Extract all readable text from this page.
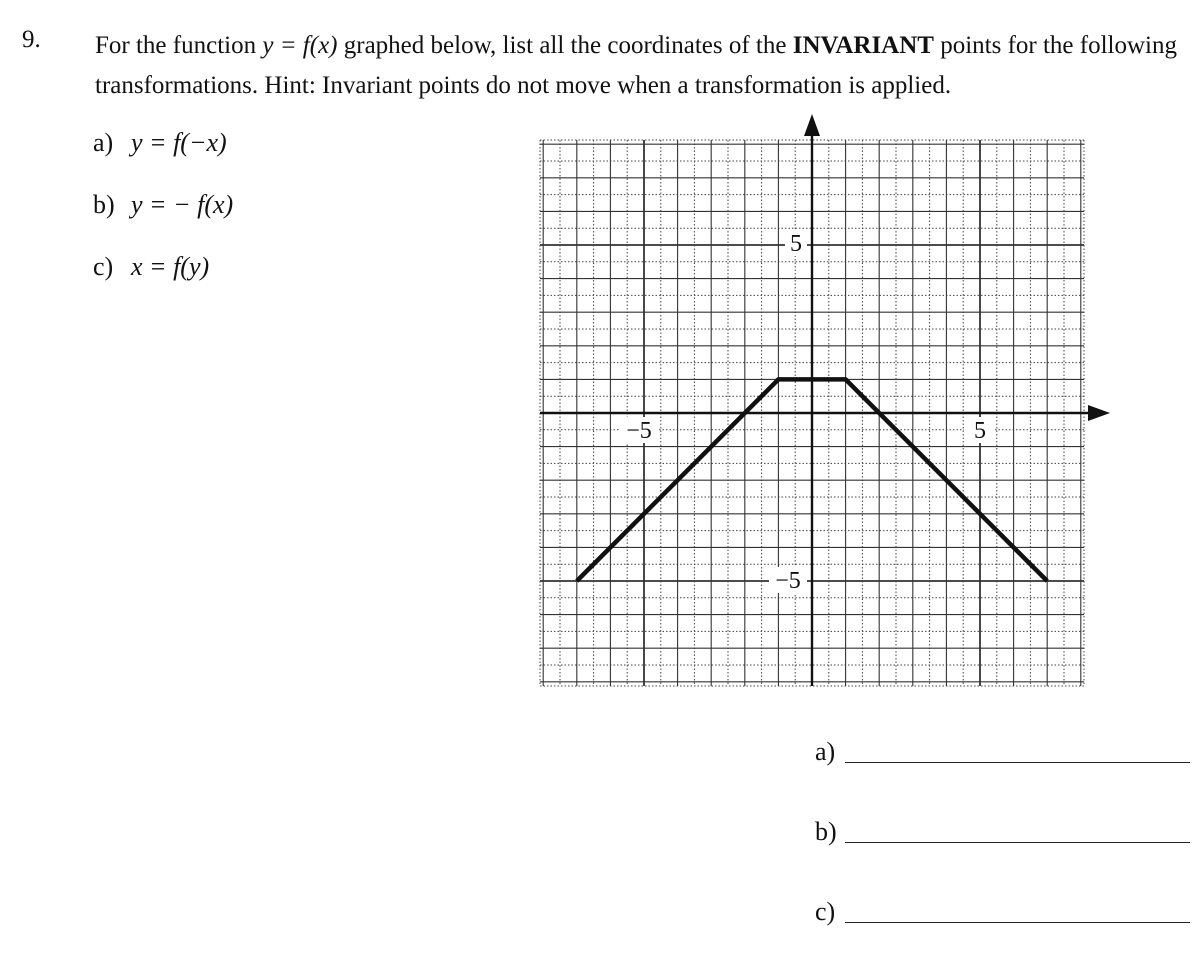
9. For the function y = f(x) graphed below, list all the coordinates of the INVARIANT points for the following transformations. Hint: Invariant points do not move when a transformation is applied.
a) y = f(−x)
b) y = − f(x)
c) x = f(y)
−5	5
5
−5
a)
b)
c)
